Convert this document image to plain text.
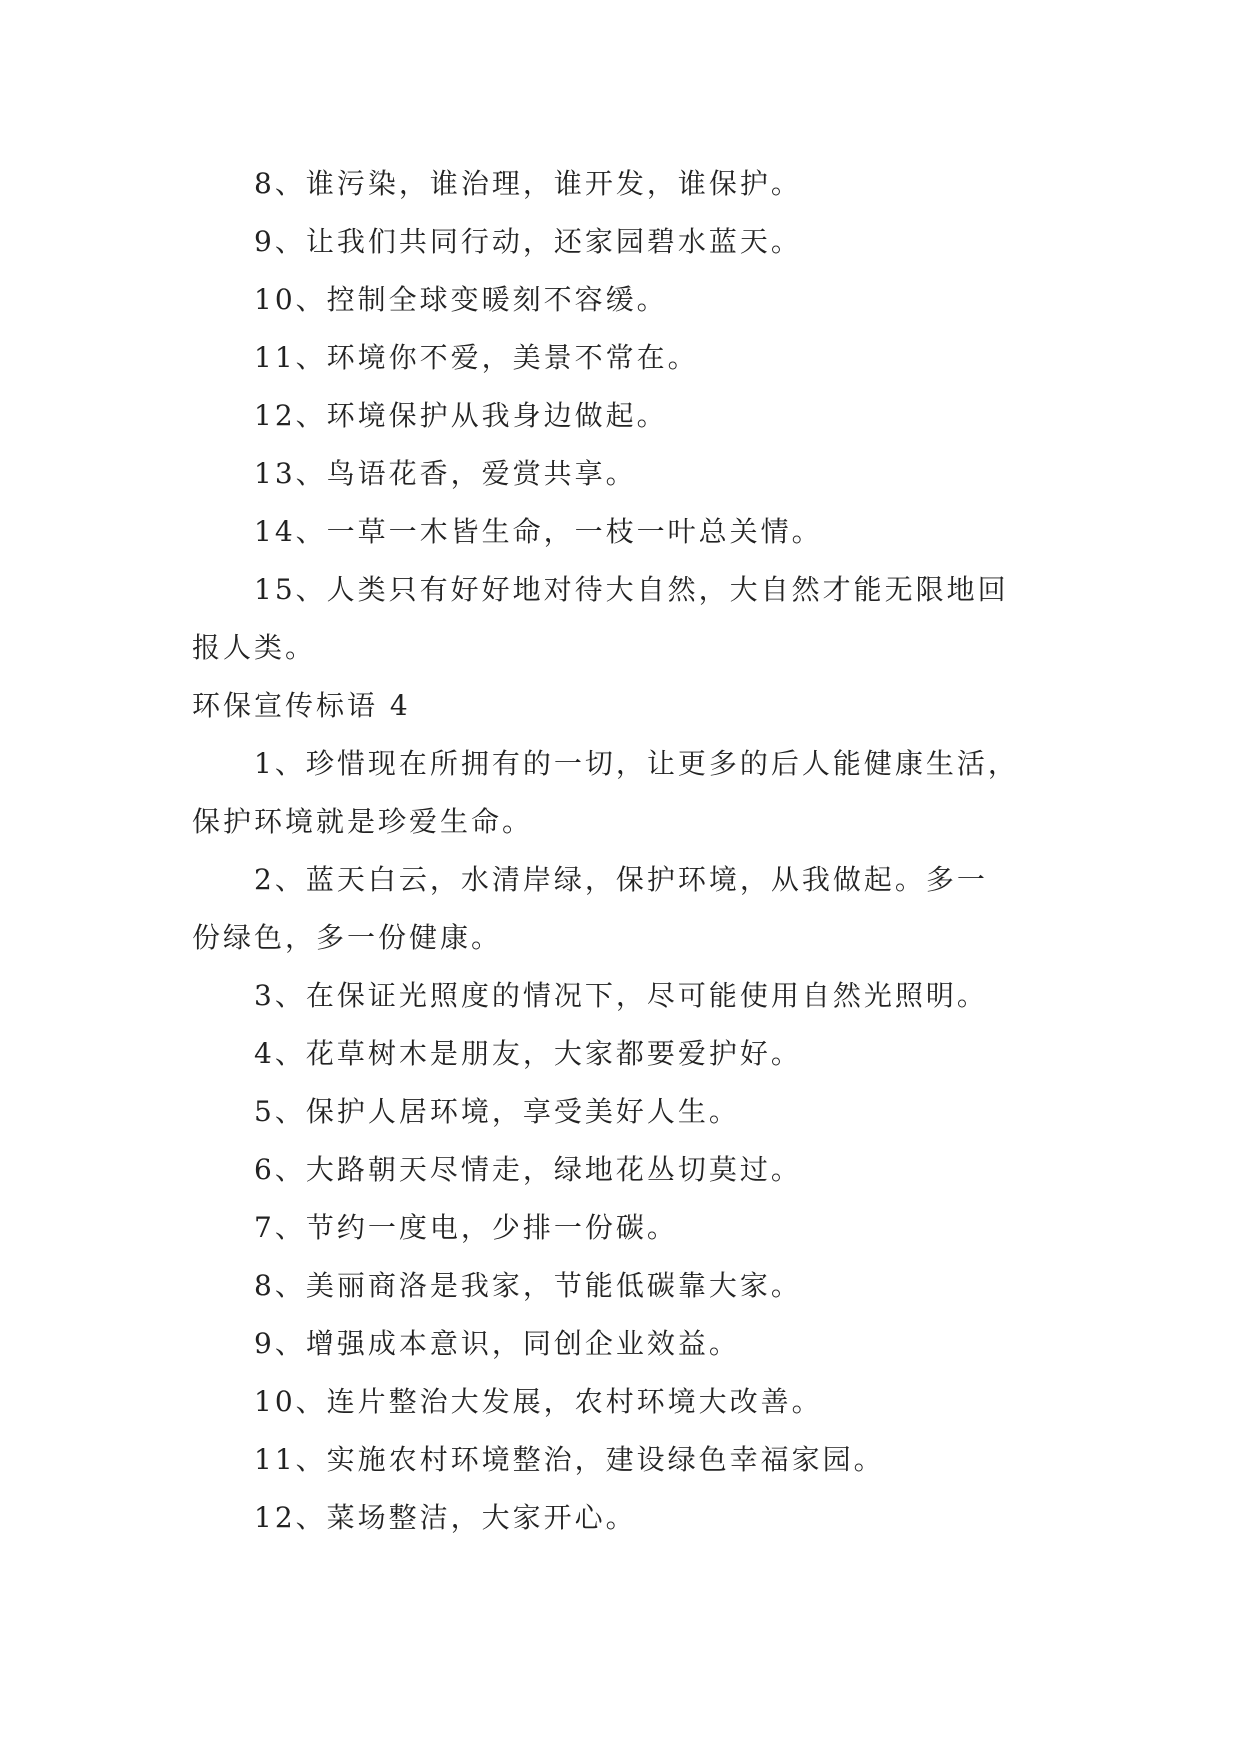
8、谁污染，谁治理，谁开发，谁保护。
9、让我们共同行动，还家园碧水蓝天。
10、控制全球变暖刻不容缓。
11、环境你不爱，美景不常在。
12、环境保护从我身边做起。
13、鸟语花香，爱赏共享。
14、一草一木皆生命，一枝一叶总关情。
15、人类只有好好地对待大自然，大自然才能无限地回
报人类。
环保宣传标语 4
1、珍惜现在所拥有的一切，让更多的后人能健康生活，
保护环境就是珍爱生命。
2、蓝天白云，水清岸绿，保护环境，从我做起。多一
份绿色，多一份健康。
3、在保证光照度的情况下，尽可能使用自然光照明。
4、花草树木是朋友，大家都要爱护好。
5、保护人居环境，享受美好人生。
6、大路朝天尽情走，绿地花丛切莫过。
7、节约一度电，少排一份碳。
8、美丽商洛是我家，节能低碳靠大家。
9、增强成本意识，同创企业效益。
10、连片整治大发展，农村环境大改善。
11、实施农村环境整治，建设绿色幸福家园。
12、菜场整洁，大家开心。
